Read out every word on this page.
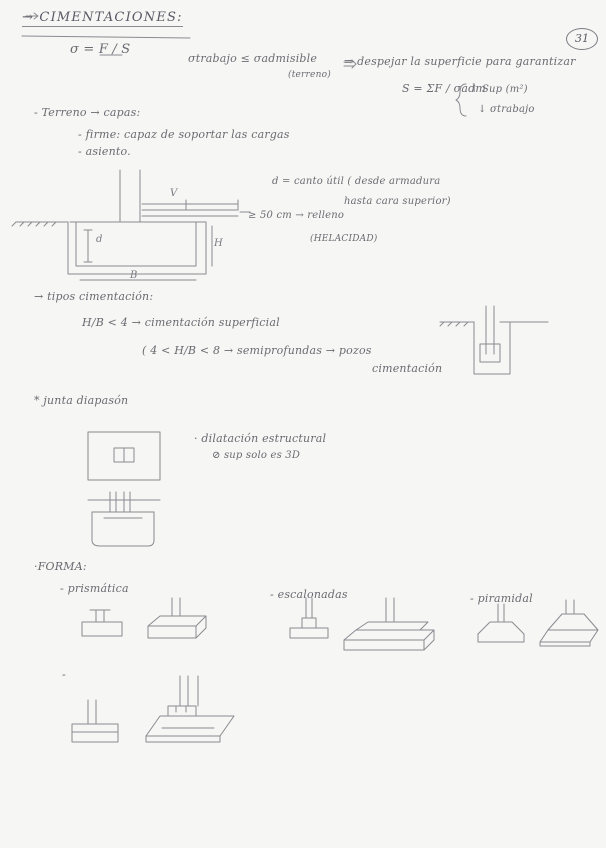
→ CIMENTACIONES:
31
σ = F / S
σtrabajo ≤ σadmisible
(terreno)
⇒ despejar la superficie para garantizar
S = ΣF / σadm
↑ Sup (m²)
↓ σtrabajo
- Terreno → capas:
- firme: capaz de soportar las cargas
- asiento.
d = canto útil ( desde armadura
hasta cara superior)
≥ 50 cm → relleno
(HELACIDAD)
→ tipos cimentación:
H/B < 4 → cimentación superficial
( 4 < H/B < 8 → semiprofundas → pozos
cimentación
* junta diapasón
· dilatación estructural
⊘ sup solo es 3D
·FORMA:
- prismática	- escalonadas	- piramidal
-
V
d	H
B
